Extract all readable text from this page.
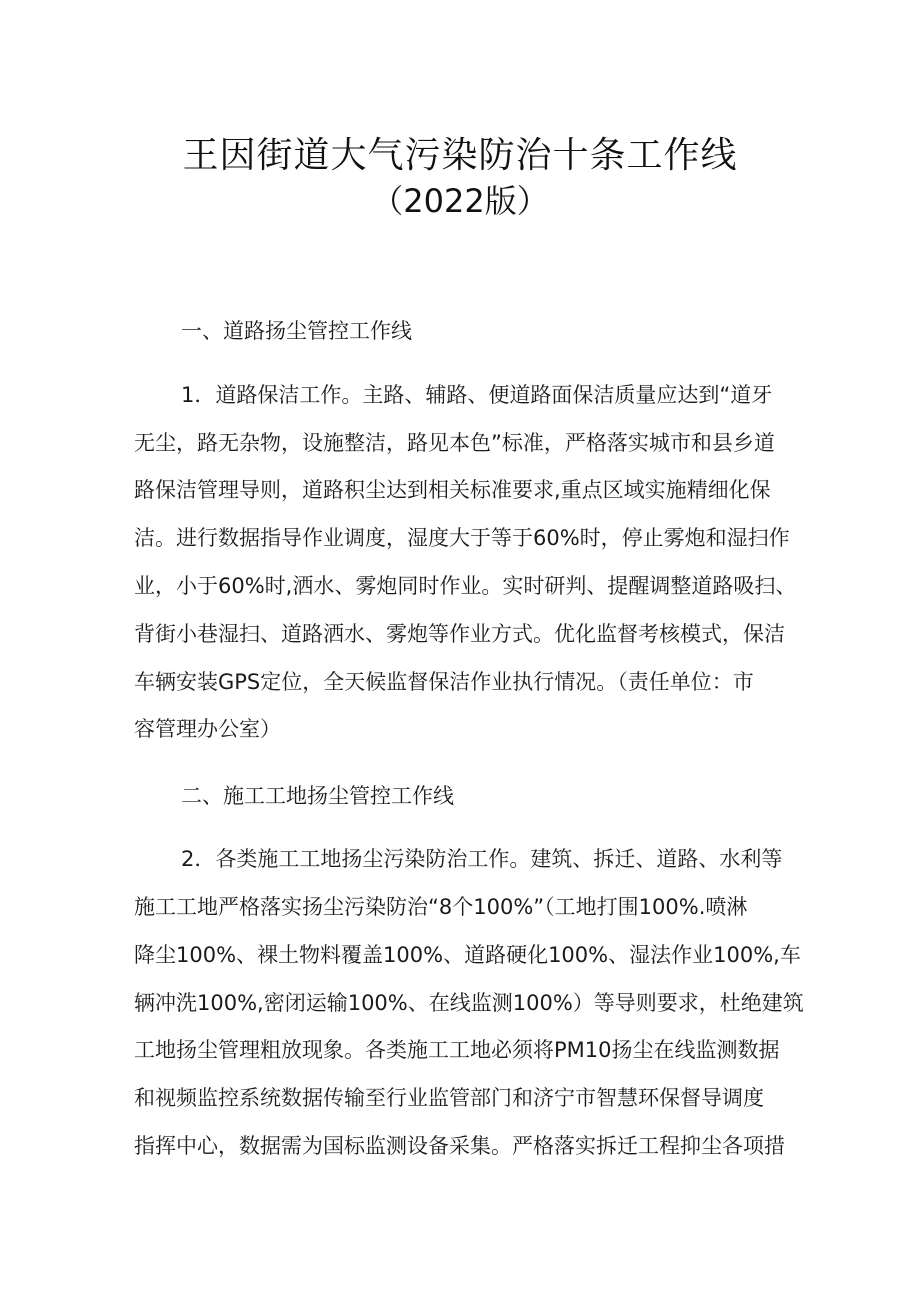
王因街道大气污染防治十条工作线
（2022版）
一、道路扬尘管控工作线
1．道路保洁工作。主路、辅路、便道路面保洁质量应达到“道牙
无尘，路无杂物，设施整洁，路见本色”标准，严格落实城市和县乡道
路保洁管理导则，道路积尘达到相关标准要求,重点区域实施精细化保
洁。进行数据指导作业调度，湿度大于等于60%时，停止雾炮和湿扫作
业，小于60%时,洒水、雾炮同时作业。实时研判、提醒调整道路吸扫、
背街小巷湿扫、道路洒水、雾炮等作业方式。优化监督考核模式，保洁
车辆安装GPS定位，全天候监督保洁作业执行情况。（责任单位：市
容管理办公室）
二、施工工地扬尘管控工作线
2．各类施工工地扬尘污染防治工作。建筑、拆迁、道路、水利等
施工工地严格落实扬尘污染防治“8个100%”（工地打围100%.喷淋
降尘100%、裸土物料覆盖100%、道路硬化100%、湿法作业100%,车
辆冲洗100%,密闭运输100%、在线监测100%）等导则要求，杜绝建筑
工地扬尘管理粗放现象。各类施工工地必须将PM10扬尘在线监测数据
和视频监控系统数据传输至行业监管部门和济宁市智慧环保督导调度
指挥中心，数据需为国标监测设备采集。严格落实拆迁工程抑尘各项措
